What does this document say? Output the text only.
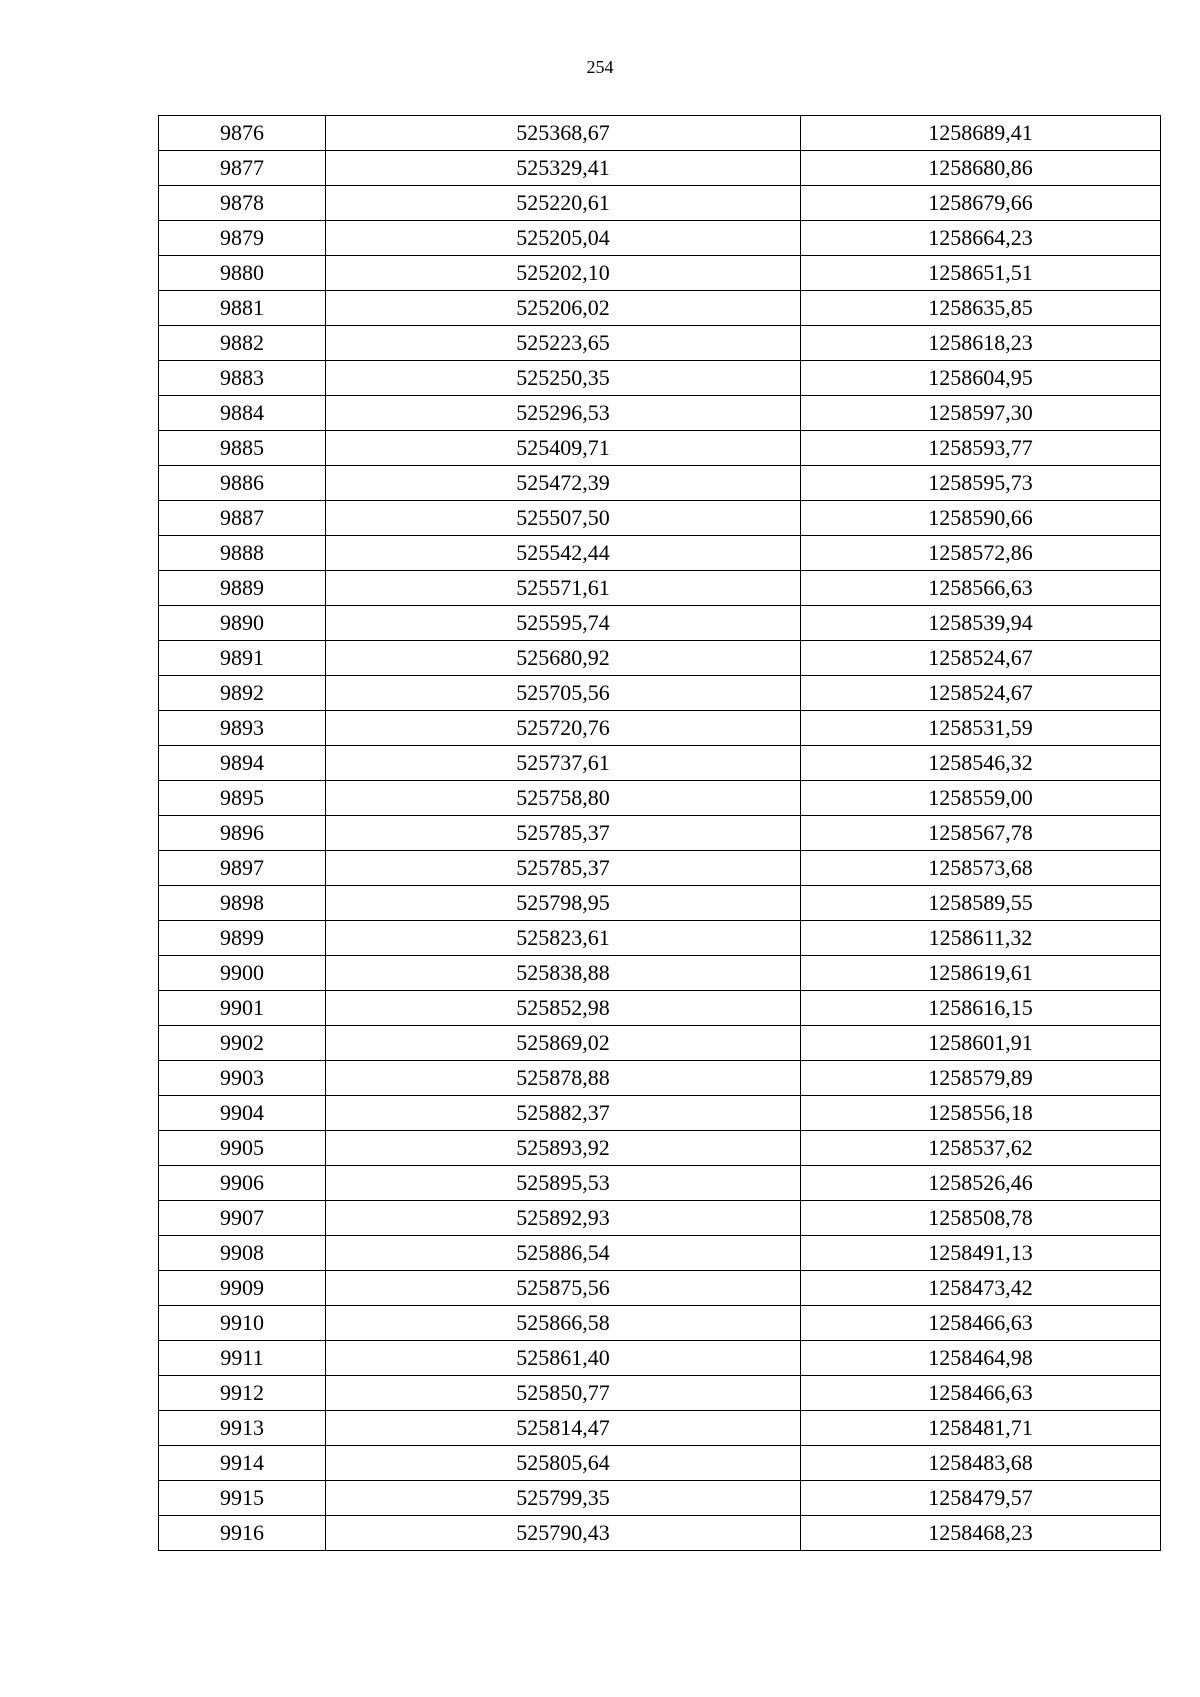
254
9876	525368,67	1258689,41
9877	525329,41	1258680,86
9878	525220,61	1258679,66
9879	525205,04	1258664,23
9880	525202,10	1258651,51
9881	525206,02	1258635,85
9882	525223,65	1258618,23
9883	525250,35	1258604,95
9884	525296,53	1258597,30
9885	525409,71	1258593,77
9886	525472,39	1258595,73
9887	525507,50	1258590,66
9888	525542,44	1258572,86
9889	525571,61	1258566,63
9890	525595,74	1258539,94
9891	525680,92	1258524,67
9892	525705,56	1258524,67
9893	525720,76	1258531,59
9894	525737,61	1258546,32
9895	525758,80	1258559,00
9896	525785,37	1258567,78
9897	525785,37	1258573,68
9898	525798,95	1258589,55
9899	525823,61	1258611,32
9900	525838,88	1258619,61
9901	525852,98	1258616,15
9902	525869,02	1258601,91
9903	525878,88	1258579,89
9904	525882,37	1258556,18
9905	525893,92	1258537,62
9906	525895,53	1258526,46
9907	525892,93	1258508,78
9908	525886,54	1258491,13
9909	525875,56	1258473,42
9910	525866,58	1258466,63
9911	525861,40	1258464,98
9912	525850,77	1258466,63
9913	525814,47	1258481,71
9914	525805,64	1258483,68
9915	525799,35	1258479,57
9916	525790,43	1258468,23
